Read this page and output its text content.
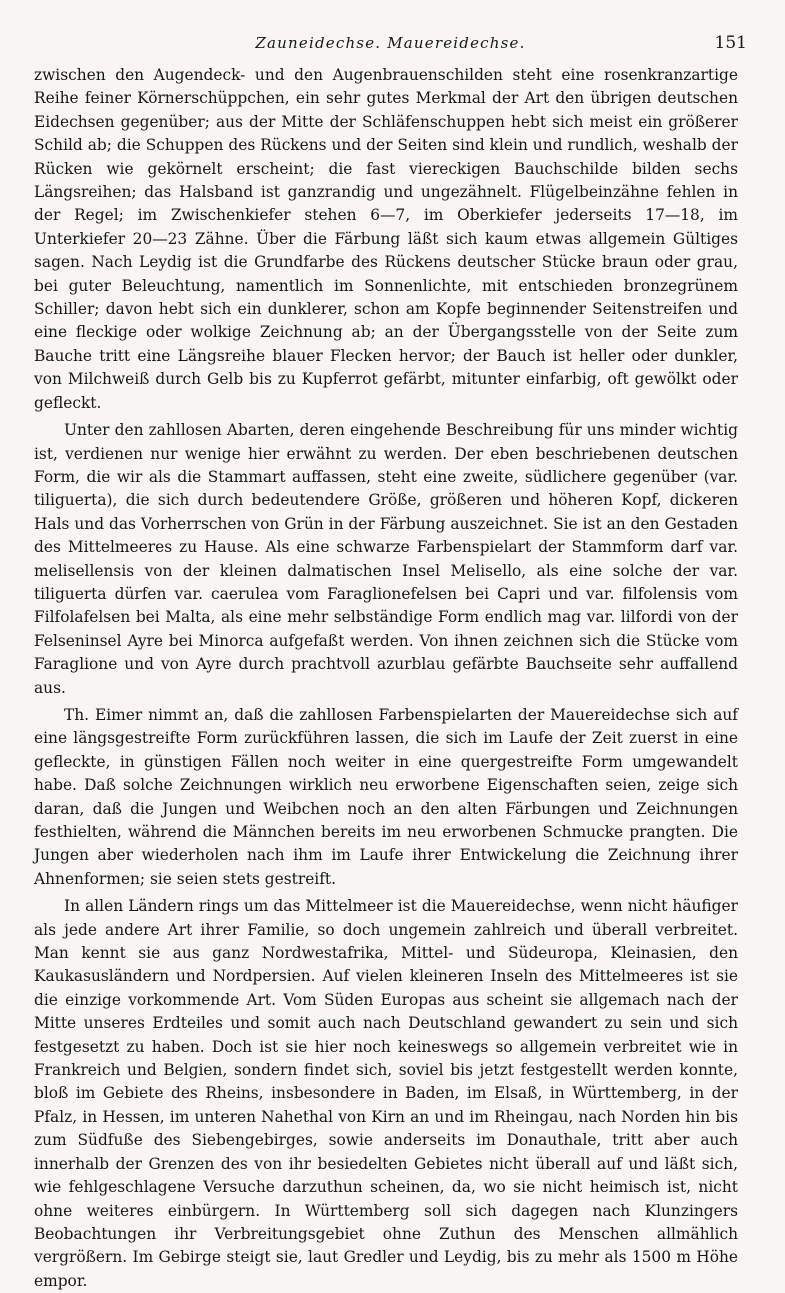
Zauneidechse. Mauereidechse.	151

zwischen den Augendeck- und den Augenbrauenschilden steht eine rosenkranzartige Reihe feiner Körnerschüppchen, ein sehr gutes Merkmal der Art den übrigen deutschen Eidechsen gegenüber; aus der Mitte der Schläfenschuppen hebt sich meist ein größerer Schild ab; die Schuppen des Rückens und der Seiten sind klein und rundlich, weshalb der Rücken wie gekörnelt erscheint; die fast viereckigen Bauchschilde bilden sechs Längsreihen; das Halsband ist ganzrandig und ungezähnelt. Flügelbeinzähne fehlen in der Regel; im Zwischenkiefer stehen 6—7, im Oberkiefer jederseits 17—18, im Unterkiefer 20—23 Zähne. Über die Färbung läßt sich kaum etwas allgemein Gültiges sagen. Nach Leydig ist die Grundfarbe des Rückens deutscher Stücke braun oder grau, bei guter Beleuchtung, namentlich im Sonnenlichte, mit entschieden bronzegrünem Schiller; davon hebt sich ein dunklerer, schon am Kopfe beginnender Seitenstreifen und eine fleckige oder wolkige Zeichnung ab; an der Übergangsstelle von der Seite zum Bauche tritt eine Längsreihe blauer Flecken hervor; der Bauch ist heller oder dunkler, von Milchweiß durch Gelb bis zu Kupferrot gefärbt, mitunter einfarbig, oft gewölkt oder gefleckt.

Unter den zahllosen Abarten, deren eingehende Beschreibung für uns minder wichtig ist, verdienen nur wenige hier erwähnt zu werden. Der eben beschriebenen deutschen Form, die wir als die Stammart auffassen, steht eine zweite, südlichere gegenüber (var. tiliguerta), die sich durch bedeutendere Größe, größeren und höheren Kopf, dickeren Hals und das Vorherrschen von Grün in der Färbung auszeichnet. Sie ist an den Gestaden des Mittelmeeres zu Hause. Als eine schwarze Farbenspielart der Stammform darf var. melisellensis von der kleinen dalmatischen Insel Melisello, als eine solche der var. tiliguerta dürfen var. caerulea vom Faraglionefelsen bei Capri und var. filfolensis vom Filfolafelsen bei Malta, als eine mehr selbständige Form endlich mag var. lilfordi von der Felseninsel Ayre bei Minorca aufgefaßt werden. Von ihnen zeichnen sich die Stücke vom Faraglione und von Ayre durch prachtvoll azurblau gefärbte Bauchseite sehr auffallend aus.

Th. Eimer nimmt an, daß die zahllosen Farbenspielarten der Mauereidechse sich auf eine längsgestreifte Form zurückführen lassen, die sich im Laufe der Zeit zuerst in eine gefleckte, in günstigen Fällen noch weiter in eine quergestreifte Form umgewandelt habe. Daß solche Zeichnungen wirklich neu erworbene Eigenschaften seien, zeige sich daran, daß die Jungen und Weibchen noch an den alten Färbungen und Zeichnungen festhielten, während die Männchen bereits im neu erworbenen Schmucke prangten. Die Jungen aber wiederholen nach ihm im Laufe ihrer Entwickelung die Zeichnung ihrer Ahnenformen; sie seien stets gestreift.

In allen Ländern rings um das Mittelmeer ist die Mauereidechse, wenn nicht häufiger als jede andere Art ihrer Familie, so doch ungemein zahlreich und überall verbreitet. Man kennt sie aus ganz Nordwestafrika, Mittel- und Südeuropa, Kleinasien, den Kaukasusländern und Nordpersien. Auf vielen kleineren Inseln des Mittelmeeres ist sie die einzige vorkommende Art. Vom Süden Europas aus scheint sie allgemach nach der Mitte unseres Erdteiles und somit auch nach Deutschland gewandert zu sein und sich festgesetzt zu haben. Doch ist sie hier noch keineswegs so allgemein verbreitet wie in Frankreich und Belgien, sondern findet sich, soviel bis jetzt festgestellt werden konnte, bloß im Gebiete des Rheins, insbesondere in Baden, im Elsaß, in Württemberg, in der Pfalz, in Hessen, im unteren Nahethal von Kirn an und im Rheingau, nach Norden hin bis zum Südfuße des Siebengebirges, sowie anderseits im Donauthale, tritt aber auch innerhalb der Grenzen des von ihr besiedelten Gebietes nicht überall auf und läßt sich, wie fehlgeschlagene Versuche darzuthun scheinen, da, wo sie nicht heimisch ist, nicht ohne weiteres einbürgern. In Württemberg soll sich dagegen nach Klunzingers Beobachtungen ihr Verbreitungsgebiet ohne Zuthun des Menschen allmählich vergrößern. Im Gebirge steigt sie, laut Gredler und Leydig, bis zu mehr als 1500 m Höhe empor.
